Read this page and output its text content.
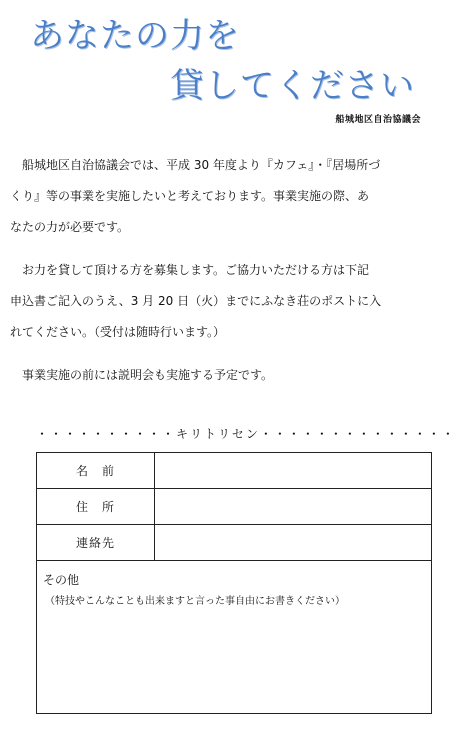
あなたの力を
貸してください
船城地区自治協議会
　船城地区自治協議会では、平成 30 年度より『カフェ』・『居場所づ
くり』等の事業を実施したいと考えております。事業実施の際、あ
なたの力が必要です。
　お力を貸して頂ける方を募集します。ご協力いただける方は下記
申込書ご記入のうえ、3 月 20 日（火）までにふなき荘のポストに入
れてください。（受付は随時行います。）
　事業実施の前には説明会も実施する予定です。
・・・・・・・・・・キリトリセン・・・・・・・・・・・・・・
名　前
住　所
連絡先
その他
（特技やこんなことも出来ますと言った事自由にお書きください）
